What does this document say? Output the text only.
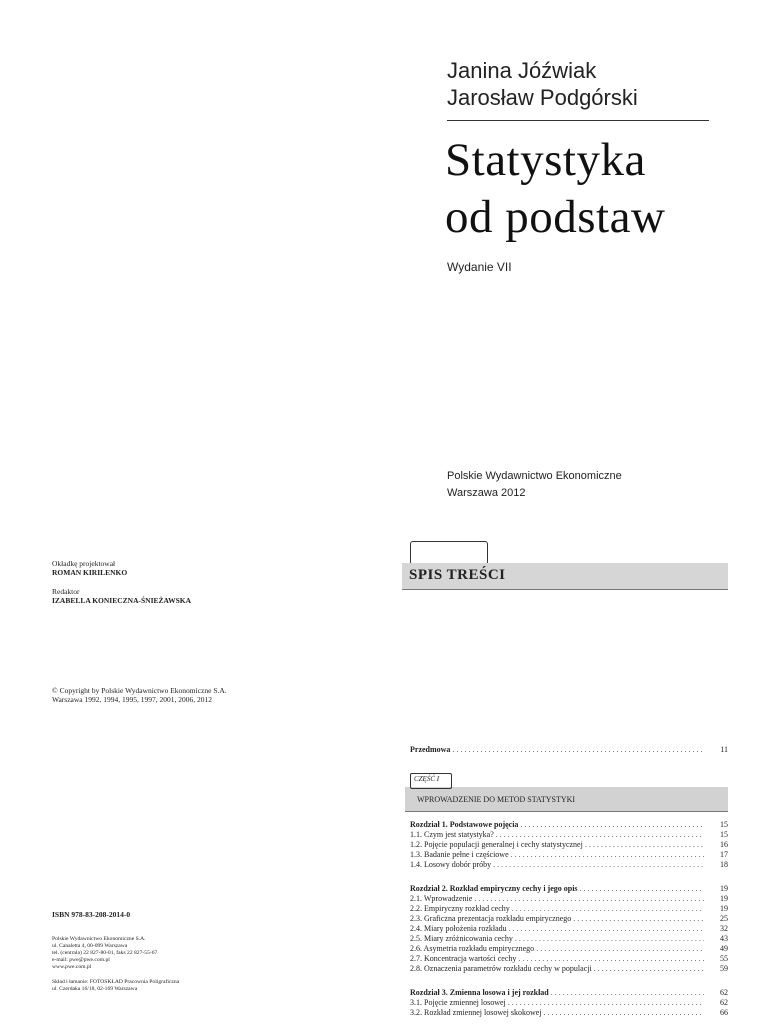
Janina Jóźwiak
Jarosław Podgórski
Statystyka
od podstaw
Wydanie VII
Polskie Wydawnictwo Ekonomiczne
Warszawa 2012
Okładkę projektował
ROMAN KIRILENKO
Redaktor
IZABELLA KONIECZNA-ŚNIEŻAWSKA
© Copyright by Polskie Wydawnictwo Ekonomiczne S.A.
Warszawa 1992, 1994, 1995, 1997, 2001, 2006, 2012
ISBN 978-83-208-2014-0
Polskie Wydawnictwo Ekonomiczne S.A.
ul. Canaletta 4, 00-099 Warszawa
tel. (centrala) 22 827-80-01, faks 22 827-55-67
e-mail: pwe@pwe.com.pl
www.pwe.com.pl
Skład i łamanie: FOTOSKŁAD Pracownia Poligraficzna
ul. Czerdaka 16/18, 02-169 Warszawa
SPIS TREŚCI
Przedmowa . . .	11
CZĘŚĆ I
WPROWADZENIE DO METOD STATYSTYKI
Rozdział 1. Podstawowe pojęcia . . .	15
1.1. Czym jest statystyka? . . .	15
1.2. Pojęcie populacji generalnej i cechy statystycznej . . .	16
1.3. Badanie pełne i częściowe . . .	17
1.4. Losowy dobór próby . . .	18
Rozdział 2. Rozkład empiryczny cechy i jego opis . . .	19
2.1. Wprowadzenie . . .	19
2.2. Empiryczny rozkład cechy . . .	19
2.3. Graficzna prezentacja rozkładu empirycznego . . .	25
2.4. Miary położenia rozkładu . . .	32
2.5. Miary zróżnicowania cechy . . .	43
2.6. Asymetria rozkładu empirycznego . . .	49
2.7. Koncentracja wartości cechy . . .	55
2.8. Oznaczenia parametrów rozkładu cechy w populacji . . .	59
Rozdział 3. Zmienna losowa i jej rozkład . . .	62
3.1. Pojęcie zmiennej losowej . . .	62
3.2. Rozkład zmiennej losowej skokowej . . .	66
